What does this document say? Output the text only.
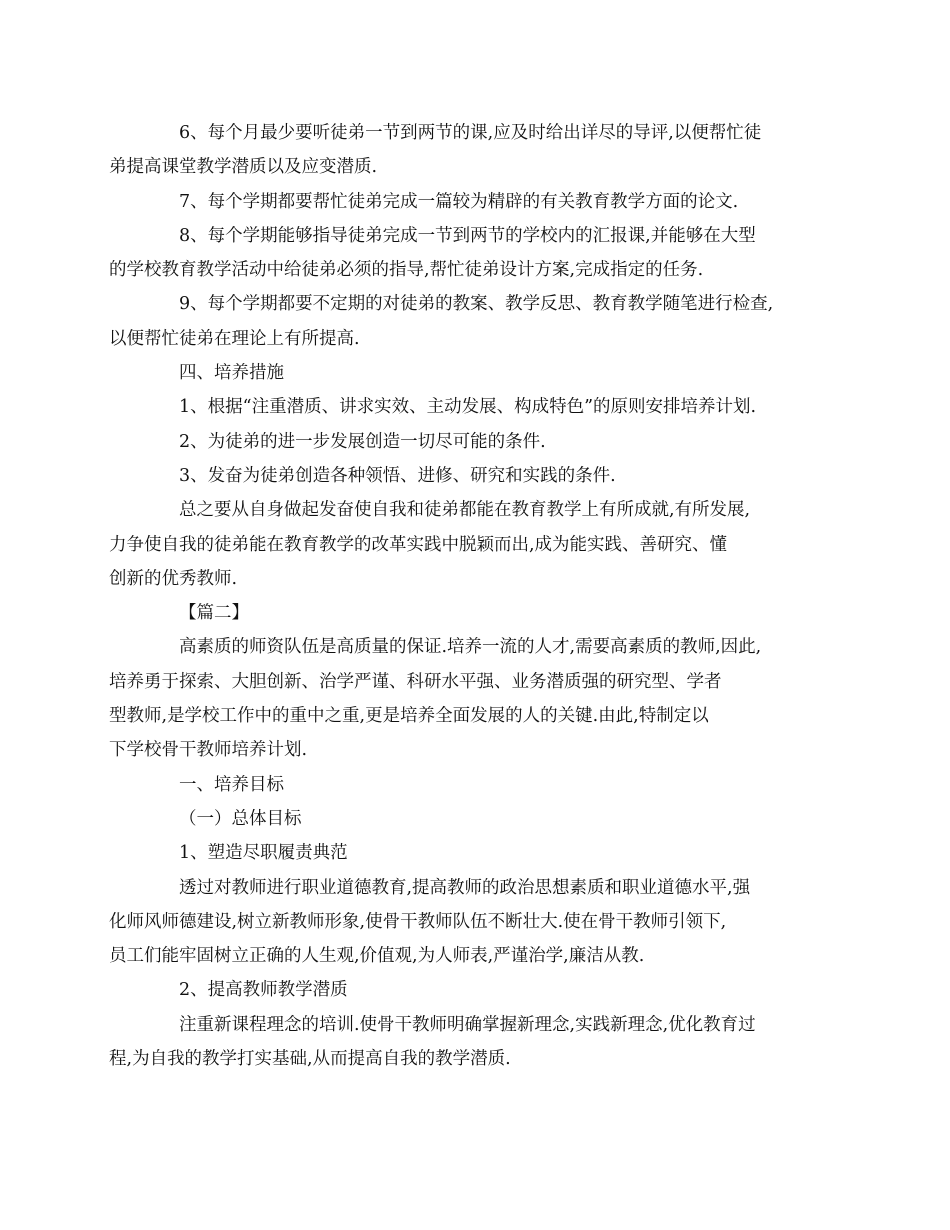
6、每个月最少要听徒弟一节到两节的课,应及时给出详尽的导评,以便帮忙徒
弟提高课堂教学潜质以及应变潜质.

7、每个学期都要帮忙徒弟完成一篇较为精辟的有关教育教学方面的论文.

8、每个学期能够指导徒弟完成一节到两节的学校内的汇报课,并能够在大型
的学校教育教学活动中给徒弟必须的指导,帮忙徒弟设计方案,完成指定的任务.

9、每个学期都要不定期的对徒弟的教案、教学反思、教育教学随笔进行检查,
以便帮忙徒弟在理论上有所提高.

四、培养措施

1、根据“注重潜质、讲求实效、主动发展、构成特色”的原则安排培养计划.

2、为徒弟的进一步发展创造一切尽可能的条件.

3、发奋为徒弟创造各种领悟、进修、研究和实践的条件.

总之要从自身做起发奋使自我和徒弟都能在教育教学上有所成就,有所发展,
力争使自我的徒弟能在教育教学的改革实践中脱颖而出,成为能实践、善研究、懂
创新的优秀教师.

【篇二】

高素质的师资队伍是高质量的保证.培养一流的人才,需要高素质的教师,因此,
培养勇于探索、大胆创新、治学严谨、科研水平强、业务潜质强的研究型、学者
型教师,是学校工作中的重中之重,更是培养全面发展的人的关键.由此,特制定以
下学校骨干教师培养计划.

一、培养目标

（一）总体目标

1、塑造尽职履责典范

透过对教师进行职业道德教育,提高教师的政治思想素质和职业道德水平,强
化师风师德建设,树立新教师形象,使骨干教师队伍不断壮大.使在骨干教师引领下,
员工们能牢固树立正确的人生观,价值观,为人师表,严谨治学,廉洁从教.

2、提高教师教学潜质

注重新课程理念的培训.使骨干教师明确掌握新理念,实践新理念,优化教育过
程,为自我的教学打实基础,从而提高自我的教学潜质.
